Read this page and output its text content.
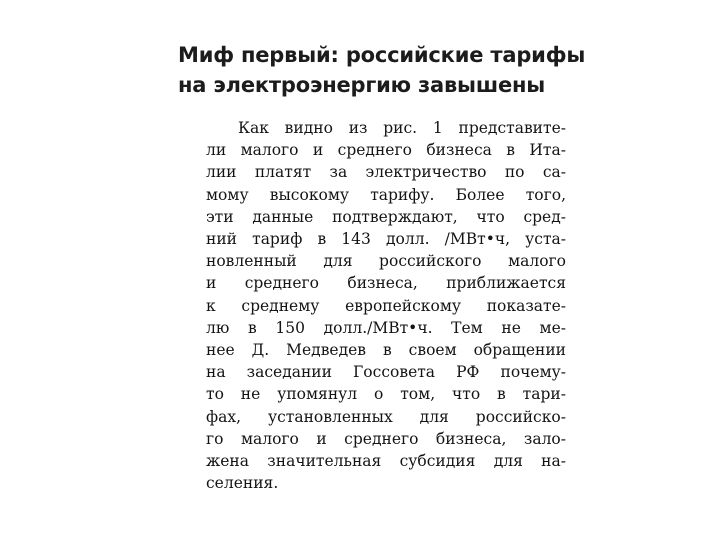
Миф первый: российские тарифы
на электроэнергию завышены
Как видно из рис. 1 представите-
ли малого и среднего бизнеса в Ита-
лии платят за электричество по са-
мому высокому тарифу. Более того,
эти данные подтверждают, что сред-
ний тариф в 143 долл. /МВт•ч, уста-
новленный для российского малого
и среднего бизнеса, приближается
к среднему европейскому показате-
лю в 150 долл./МВт•ч. Тем не ме-
нее Д. Медведев в своем обращении
на заседании Госсовета РФ почему-
то не упомянул о том, что в тари-
фах, установленных для российско-
го малого и среднего бизнеса, зало-
жена значительная субсидия для на-
селения.
